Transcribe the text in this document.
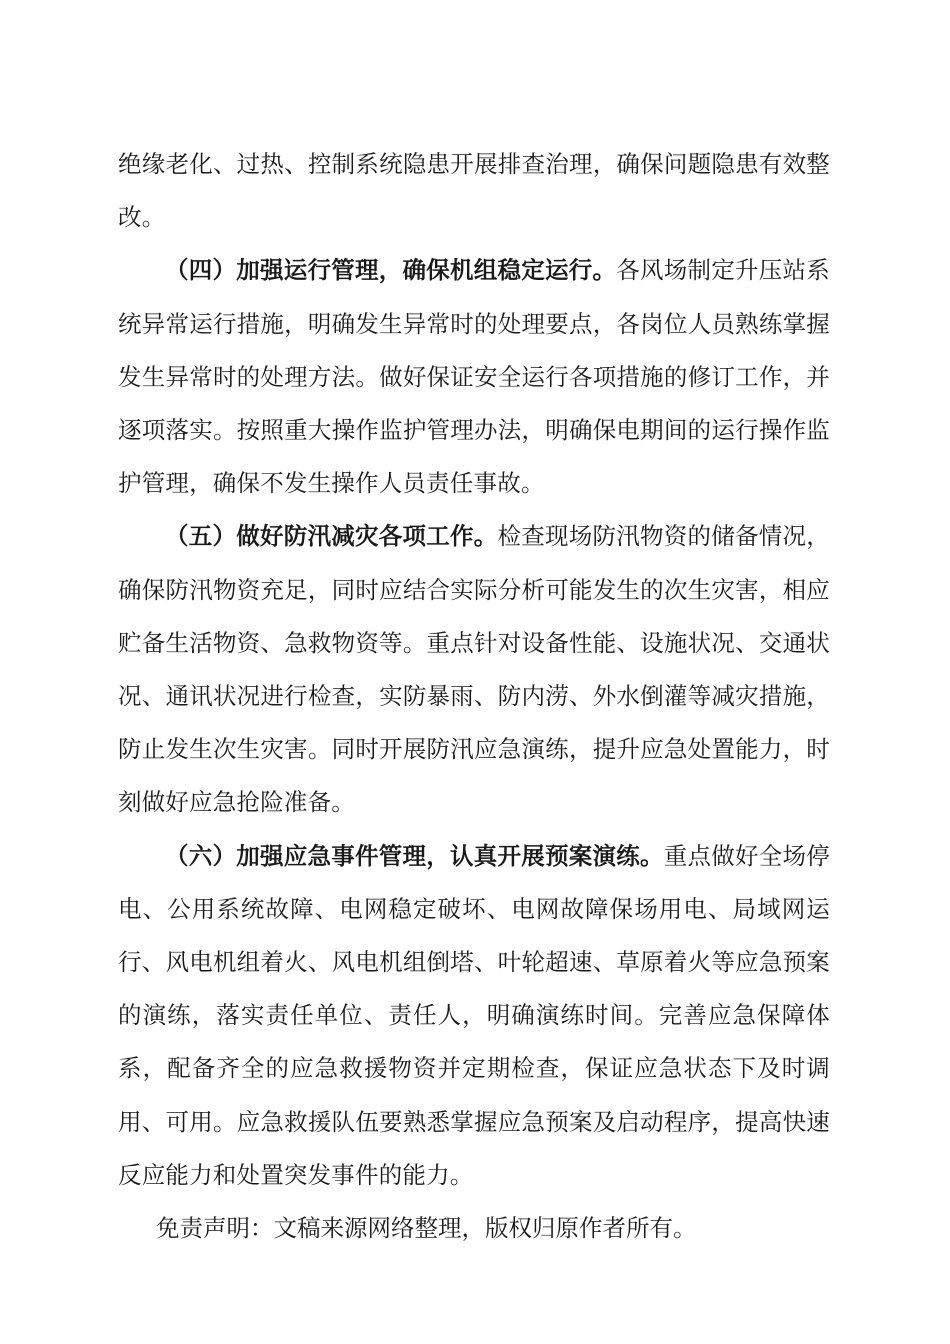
绝缘老化、过热、控制系统隐患开展排查治理，确保问题隐患有效整改。

（四）加强运行管理，确保机组稳定运行。各风场制定升压站系统异常运行措施，明确发生异常时的处理要点，各岗位人员熟练掌握发生异常时的处理方法。做好保证安全运行各项措施的修订工作，并逐项落实。按照重大操作监护管理办法，明确保电期间的运行操作监护管理，确保不发生操作人员责任事故。

（五）做好防汛减灾各项工作。检查现场防汛物资的储备情况，确保防汛物资充足，同时应结合实际分析可能发生的次生灾害，相应贮备生活物资、急救物资等。重点针对设备性能、设施状况、交通状况、通讯状况进行检查，实防暴雨、防内涝、外水倒灌等减灾措施，防止发生次生灾害。同时开展防汛应急演练，提升应急处置能力，时刻做好应急抢险准备。

（六）加强应急事件管理，认真开展预案演练。重点做好全场停电、公用系统故障、电网稳定破坏、电网故障保场用电、局域网运行、风电机组着火、风电机组倒塔、叶轮超速、草原着火等应急预案的演练，落实责任单位、责任人，明确演练时间。完善应急保障体系，配备齐全的应急救援物资并定期检查，保证应急状态下及时调用、可用。应急救援队伍要熟悉掌握应急预案及启动程序，提高快速反应能力和处置突发事件的能力。

免责声明：文稿来源网络整理，版权归原作者所有。
